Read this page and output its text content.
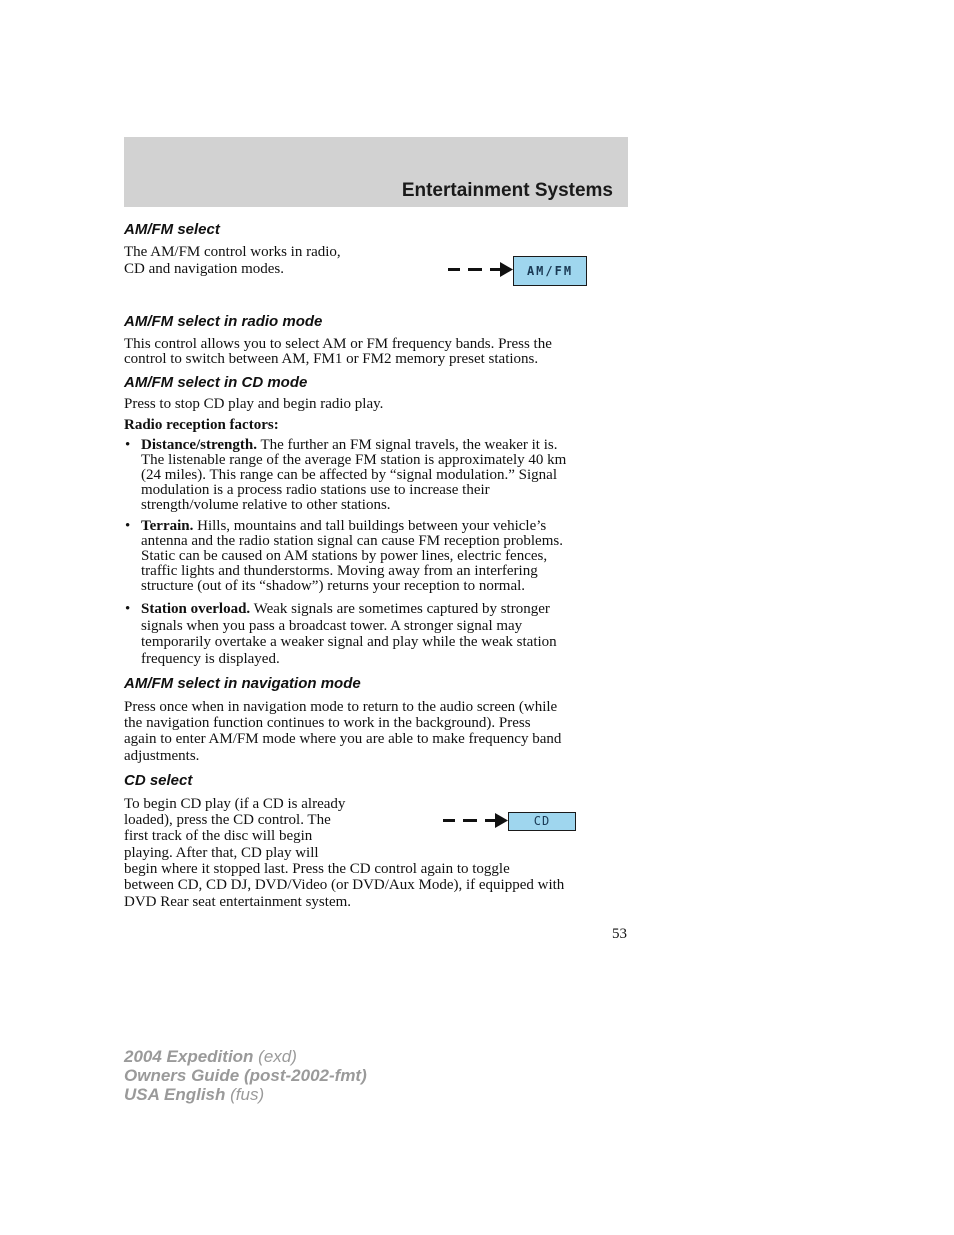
Entertainment Systems
AM/FM select
The AM/FM control works in radio,
CD and navigation modes.	AM/FM
AM/FM select in radio mode
This control allows you to select AM or FM frequency bands. Press the
control to switch between AM, FM1 or FM2 memory preset stations.
AM/FM select in CD mode
Press to stop CD play and begin radio play.
Radio reception factors:
• Distance/strength. The further an FM signal travels, the weaker it is.
The listenable range of the average FM station is approximately 40 km
(24 miles). This range can be affected by “signal modulation.” Signal
modulation is a process radio stations use to increase their
strength/volume relative to other stations.
• Terrain. Hills, mountains and tall buildings between your vehicle’s
antenna and the radio station signal can cause FM reception problems.
Static can be caused on AM stations by power lines, electric fences,
traffic lights and thunderstorms. Moving away from an interfering
structure (out of its “shadow”) returns your reception to normal.
• Station overload. Weak signals are sometimes captured by stronger
signals when you pass a broadcast tower. A stronger signal may
temporarily overtake a weaker signal and play while the weak station
frequency is displayed.
AM/FM select in navigation mode
Press once when in navigation mode to return to the audio screen (while
the navigation function continues to work in the background). Press
again to enter AM/FM mode where you are able to make frequency band
adjustments.
CD select
To begin CD play (if a CD is already
loaded), press the CD control. The
first track of the disc will begin
playing. After that, CD play will
begin where it stopped last. Press the CD control again to toggle
between CD, CD DJ, DVD/Video (or DVD/Aux Mode), if equipped with
DVD Rear seat entertainment system.
CD
53
2004 Expedition (exd)
Owners Guide (post-2002-fmt)
USA English (fus)
